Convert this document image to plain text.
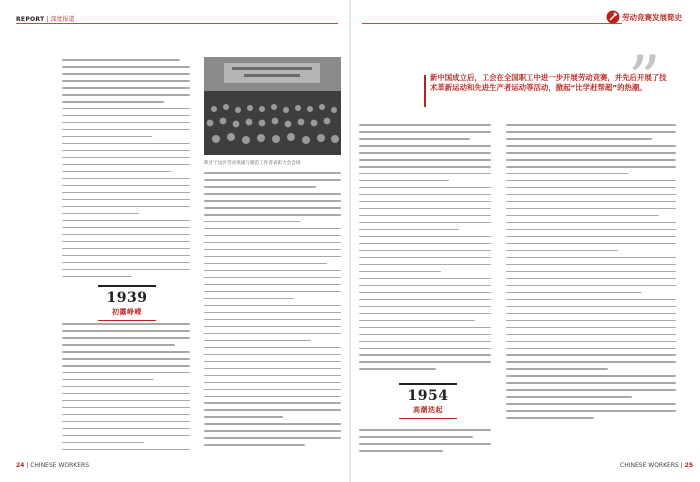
REPORT | 深度报道	劳动竞赛发展简史
1939
初露峥嵘
陕甘宁边区劳动英雄与模范工作者表彰大会会场
新中国成立后，工会在全国职工中进一步开展劳动竞赛，并先后开展了技术革新运动和先进生产者运动等活动，掀起“比学赶帮超”的热潮。
”
1954
高潮迭起
24 | CHINESE WORKERS	CHINESE WORKERS | 25
